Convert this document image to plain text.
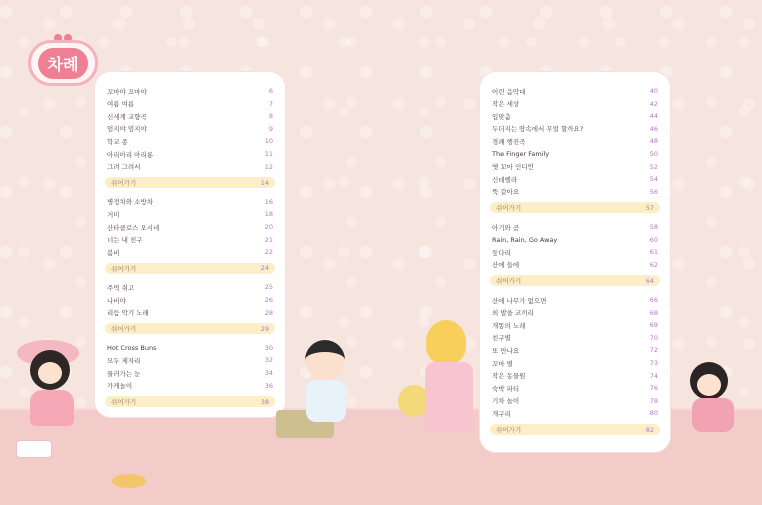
차례
꼬마야 꼬마야	6
여름 여름	7
신세계 교향곡	8
엄지야 엄지야	9
학교 종	10
아리아리 아리롱	11
그려 그려서	12
쉬어가기	14
병정차와 소방차	16
거미	18
산타클로스 오시네	20
너는 내 친구	21
봄비	22
쉬어가기	24
주먹 쥐고	25
나비야	26
리듬 악기 노래	28
쉬어가기	29
Hot Cross Buns	30
모두 제자리	32
물러가는 눈	34
가게놀이	36
쉬어가기	38
어린 음악대	40
작은 세상	42
입맞춤	44
두더지는 땅속에서 무얼 할까요?	46
경쾌 행진곡	48
The Finger Family	50
옛 꼬마 인디언	52
신데렐라	54
뚝 같아요	56
쉬어가기	57
아기와 곰	58
Rain, Rain, Go Away	60
둥다리	61
산에 들에	62
쉬어가기	64
산에 나무가 없으면	66
외 발을 코끼리	68
개똥의 노래	69
친구별	70
또 만나요	72
꼬마 별	73
작은 동물원	74
숙박 파티	76
기차 놀이	78
개구리	80
쉬어가기	82
